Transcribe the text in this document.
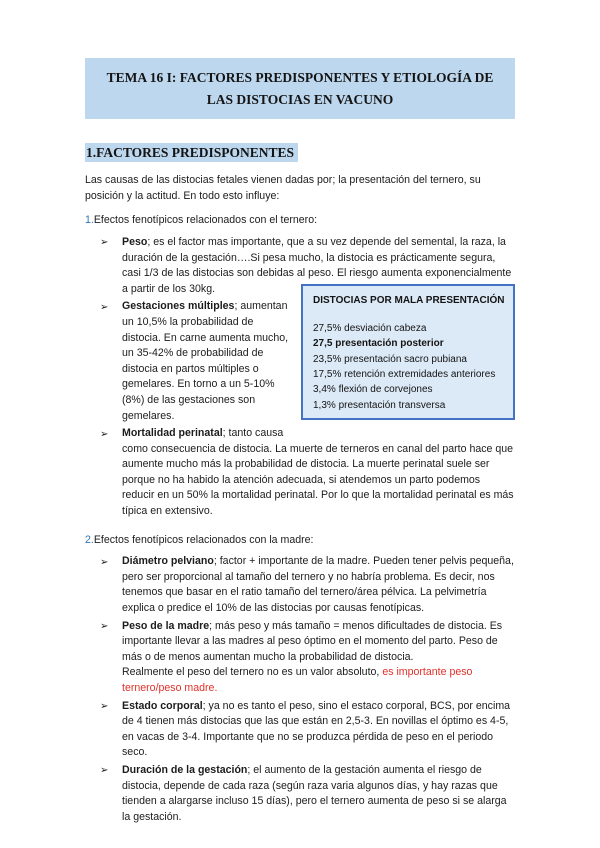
TEMA 16 I: FACTORES PREDISPONENTES Y ETIOLOGÍA DE LAS DISTOCIAS EN VACUNO
1.FACTORES PREDISPONENTES

Las causas de las distocias fetales vienen dadas por; la presentación del ternero, su posición y la actitud. En todo esto influye:

1.Efectos fenotípicos relacionados con el ternero:

➢ Peso; es el factor mas importante, que a su vez depende del semental, la raza, la duración de la gestación….Si pesa mucho, la distocia es prácticamente segura, casi 1/3 de las distocias son debidas al peso. El riesgo aumenta exponencialmente a partir de los 30kg.
DISTOCIAS POR MALA PRESENTACIÓN
27,5% desviación cabeza
27,5 presentación posterior
23,5% presentación sacro pubiana
17,5% retención extremidades anteriores
3,4% flexión de corvejones
1,3% presentación transversa
➢ Gestaciones múltiples; aumentan un 10,5% la probabilidad de distocia. En carne aumenta mucho, un 35-42% de probabilidad de distocia en partos múltiples o gemelares. En torno a un 5-10% (8%) de las gestaciones son gemelares.
➢ Mortalidad perinatal; tanto causa como consecuencia de distocia. La muerte de terneros en canal del parto hace que aumente mucho más la probabilidad de distocia. La muerte perinatal suele ser porque no ha habido la atención adecuada, si atendemos un parto podemos reducir en un 50% la mortalidad perinatal. Por lo que la mortalidad perinatal es más típica en extensivo.

2.Efectos fenotípicos relacionados con la madre:

➢ Diámetro pelviano; factor + importante de la madre. Pueden tener pelvis pequeña, pero ser proporcional al tamaño del ternero y no habría problema. Es decir, nos tenemos que basar en el ratio tamaño del ternero/área pélvica. La pelvimetría explica o predice el 10% de las distocias por causas fenotípicas.
➢ Peso de la madre; más peso y más tamaño = menos dificultades de distocia. Es importante llevar a las madres al peso óptimo en el momento del parto. Peso de más o de menos aumentan mucho la probabilidad de distocia.
Realmente el peso del ternero no es un valor absoluto, es importante peso ternero/peso madre.
➢ Estado corporal; ya no es tanto el peso, sino el estaco corporal, BCS, por encima de 4 tienen más distocias que las que están en 2,5-3. En novillas el óptimo es 4-5, en vacas de 3-4. Importante que no se produzca pérdida de peso en el periodo seco.
➢ Duración de la gestación; el aumento de la gestación aumenta el riesgo de distocia, depende de cada raza (según raza varia algunos días, y hay razas que tienden a alargarse incluso 15 días), pero el ternero aumenta de peso si se alarga la gestación.
